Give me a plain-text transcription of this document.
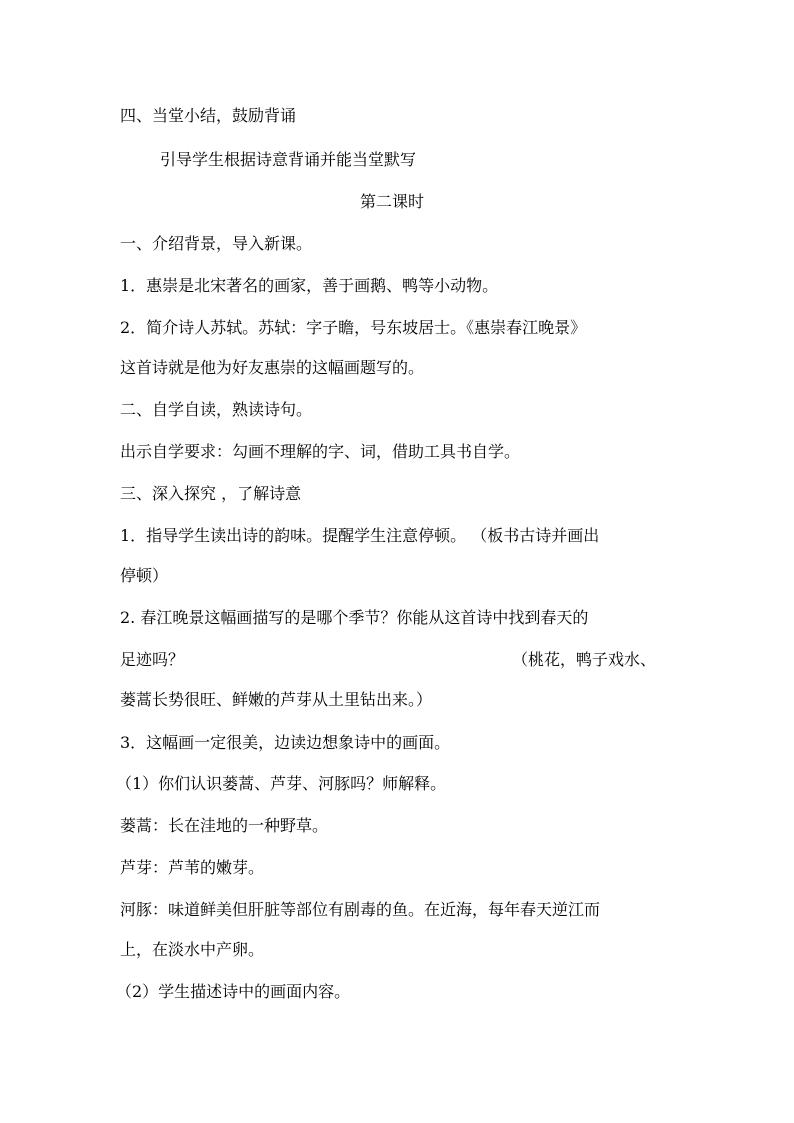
四、当堂小结，鼓励背诵
引导学生根据诗意背诵并能当堂默写
第二课时
一、介绍背景，导入新课。
1．惠崇是北宋著名的画家，善于画鹅、鸭等小动物。
2．简介诗人苏轼。苏轼：字子瞻，号东坡居士。《惠崇春江晚景》
这首诗就是他为好友惠崇的这幅画题写的。
二、自学自读，熟读诗句。
出示自学要求：勾画不理解的字、词，借助工具书自学。
三、深入探究 ，了解诗意
1．指导学生读出诗的韵味。提醒学生注意停顿。 （板书古诗并画出
停顿）
2. 春江晚景这幅画描写的是哪个季节？你能从这首诗中找到春天的
足迹吗？	（桃花，鸭子戏水、
蒌蒿长势很旺、鲜嫩的芦芽从土里钻出来。）
3．这幅画一定很美，边读边想象诗中的画面。
（1）你们认识蒌蒿、芦芽、河豚吗？师解释。
蒌蒿：长在洼地的一种野草。
芦芽：芦苇的嫩芽。
河豚：味道鲜美但肝脏等部位有剧毒的鱼。在近海，每年春天逆江而
上，在淡水中产卵。
（2）学生描述诗中的画面内容。
